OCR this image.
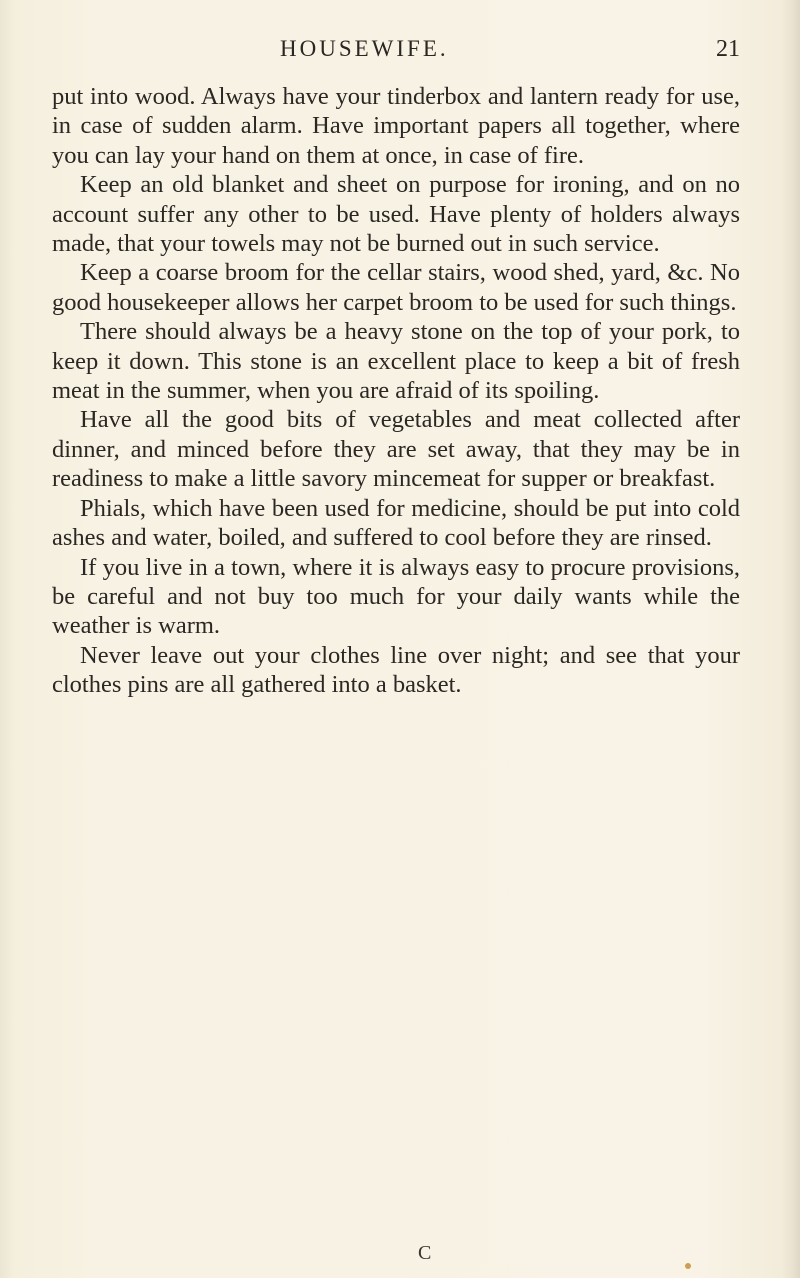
HOUSEWIFE.	21

put into wood. Always have your tinderbox and lantern ready for use, in case of sudden alarm. Have important papers all together, where you can lay your hand on them at once, in case of fire.

Keep an old blanket and sheet on purpose for ironing, and on no account suffer any other to be used. Have plenty of holders always made, that your towels may not be burned out in such service.

Keep a coarse broom for the cellar stairs, wood shed, yard, &c. No good housekeeper allows her carpet broom to be used for such things.

There should always be a heavy stone on the top of your pork, to keep it down. This stone is an excellent place to keep a bit of fresh meat in the summer, when you are afraid of its spoiling.

Have all the good bits of vegetables and meat collected after dinner, and minced before they are set away, that they may be in readiness to make a little savory mincemeat for supper or breakfast.

Phials, which have been used for medicine, should be put into cold ashes and water, boiled, and suffered to cool before they are rinsed.

If you live in a town, where it is always easy to procure provisions, be careful and not buy too much for your daily wants while the weather is warm.

Never leave out your clothes line over night; and see that your clothes pins are all gathered into a basket.

C
